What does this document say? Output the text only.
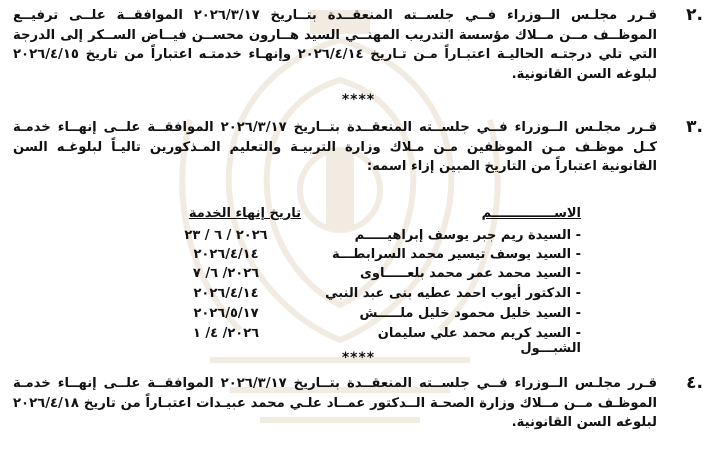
٢.
قـرر مجلـس الــوزراء فــي جلســته المنعقــدة بتــاريخ ٢٠٢٦/٣/١٧ الموافقــة علــى ترفيــع الموظــف مــن مــلاك مؤسسة التدريب المهنــي السيد هــارون محســن فيــاض الســكر إلى الدرجة التي تلي درجتـه الحاليـة اعتبـاراً مـن تـاريخ ٢٠٢٦/٤/١٤ وإنهـاء خدمتـه اعتباراً من تاريخ ٢٠٢٦/٤/١٥ لبلوغه السن القانونية.
****
٣.
قـرر مجلـس الــوزراء فــي جلســته المنعقــدة بتــاريخ ٢٠٢٦/٣/١٧ الموافقــة علــى إنهــاء خدمـة كـل موظـف مـن الموظفين مـن مـلاك وزارة التربيـة والتعليم المـذكورين تاليـاً لبلوغـه السن القانونية اعتباراً من التاريخ المبين إزاء اسمه:
الاســــــــــــــم
تاريخ إنهاء الخدمة
- السيدة ريم جبر يوسف إبراهيـــــم
٢٠٢٦ / ٦ / ٢٣
- السيد يوسف تيسير محمد السرابطـــة
٢٠٢٦/٤/١٤
- السيد محمد عمر محمد بلعـــــاوى
٢٠٢٦/ ٦/ ٧
- الدكتور أيوب احمد عطيه بنى عبد النبي
٢٠٢٦/٤/١٤
- السيد خليل محمود خليل ملـــــش
٢٠٢٦/٥/١٧
- السيد كريم محمد علي سليمان الشبـــول
٢٠٢٦/ ٤/ ١
****
٤.
قـرر مجلـس الــوزراء فــي جلســته المنعقــدة بتــاريخ ٢٠٢٦/٣/١٧ الموافقــة علــى إنهــاء خدمـة الموظـف مــن مــلاك وزارة الصحـة الــدكتور عمــاد علـي محمد عبيـدات اعتبـاراً من تاريخ ٢٠٢٦/٤/١٨ لبلوغه السن القانونية.
